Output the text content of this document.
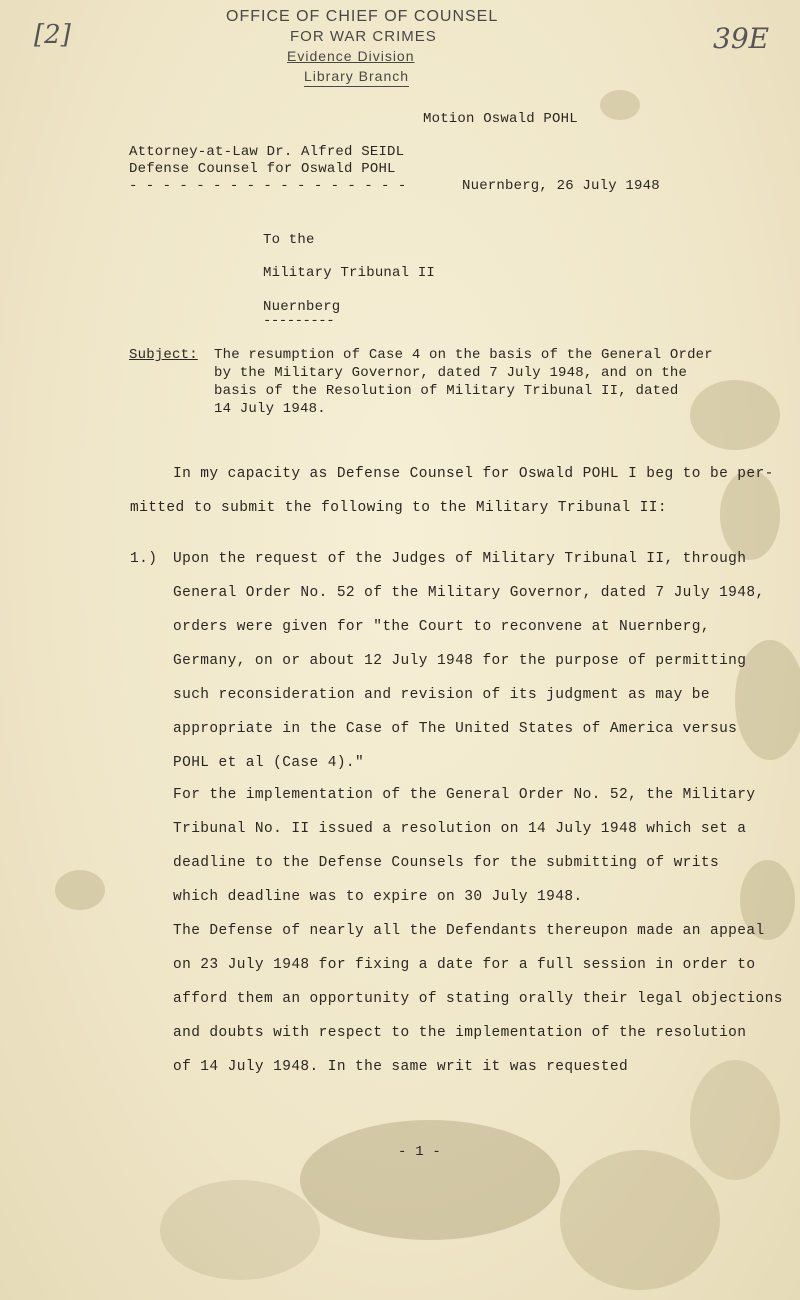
[2]	39E
OFFICE OF CHIEF OF COUNSEL
FOR WAR CRIMES
Evidence Division
Library Branch
Motion Oswald POHL
Attorney-at-Law Dr. Alfred SEIDL
Defense Counsel for Oswald POHL
- - - - - - - - - - - - - - - - -	Nuernberg, 26 July 1948
To the
Military Tribunal II
Nuernberg
---------
Subject: The resumption of Case 4 on the basis of the General Order
by the Military Governor, dated 7 July 1948, and on the
basis of the Resolution of Military Tribunal II, dated
14 July 1948.
In my capacity as Defense Counsel for Oswald POHL I beg to be per-
mitted to submit the following to the Military Tribunal II:
1.) Upon the request of the Judges of Military Tribunal II, through
General Order No. 52 of the Military Governor, dated 7 July 1948,
orders were given for "the Court to reconvene at Nuernberg,
Germany, on or about 12 July 1948 for the purpose of permitting
such reconsideration and revision of its judgment as may be
appropriate in the Case of The United States of America versus
POHL et al (Case 4)."
For the implementation of the General Order No. 52, the Military
Tribunal No. II issued a resolution on 14 July 1948 which set a
deadline to the Defense Counsels for the submitting of writs
which deadline was to expire on 30 July 1948.
The Defense of nearly all the Defendants thereupon made an appeal
on 23 July 1948 for fixing a date for a full session in order to
afford them an opportunity of stating orally their legal objections
and doubts with respect to the implementation of the resolution
of 14 July 1948. In the same writ it was requested
- 1 -
